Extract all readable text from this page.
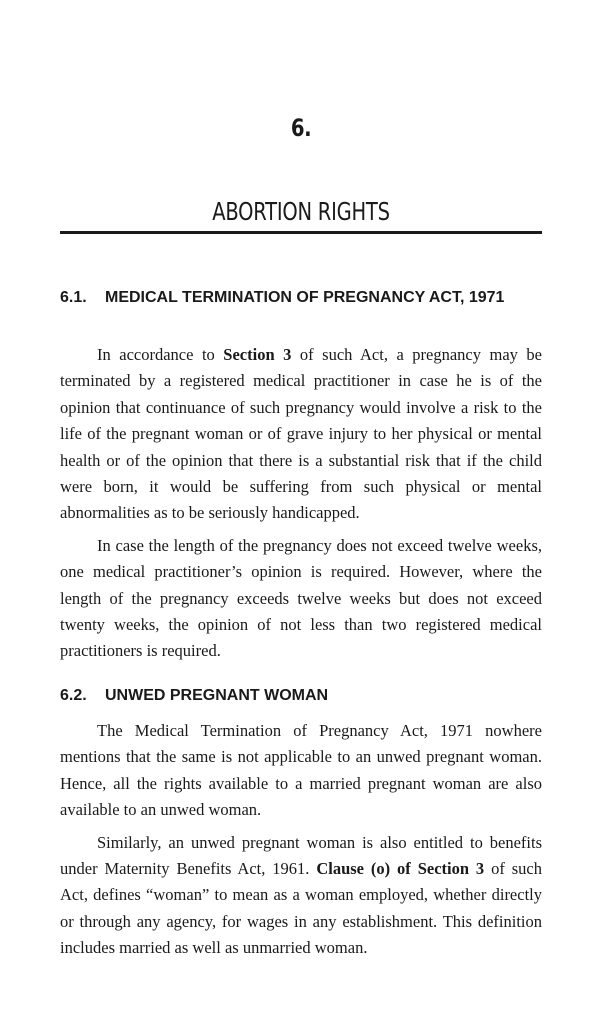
6.
ABORTION RIGHTS
6.1.	MEDICAL TERMINATION OF PREGNANCY ACT, 1971

In accordance to Section 3 of such Act, a pregnancy may be terminated by a registered medical practitioner in case he is of the opinion that continuance of such pregnancy would involve a risk to the life of the pregnant woman or of grave injury to her physical or mental health or of the opinion that there is a substantial risk that if the child were born, it would be suffering from such physical or mental abnormalities as to be seriously handicapped.

In case the length of the pregnancy does not exceed twelve weeks, one medical practitioner’s opinion is required. However, where the length of the pregnancy exceeds twelve weeks but does not exceed twenty weeks, the opinion of not less than two registered medical practitioners is required.

6.2.	UNWED PREGNANT WOMAN

The Medical Termination of Pregnancy Act, 1971 nowhere mentions that the same is not applicable to an unwed pregnant woman. Hence, all the rights available to a married pregnant woman are also available to an unwed woman.

Similarly, an unwed pregnant woman is also entitled to benefits under Maternity Benefits Act, 1961. Clause (o) of Section 3 of such Act, defines “woman” to mean as a woman employed, whether directly or through any agency, for wages in any establishment. This definition includes married as well as unmarried woman.
